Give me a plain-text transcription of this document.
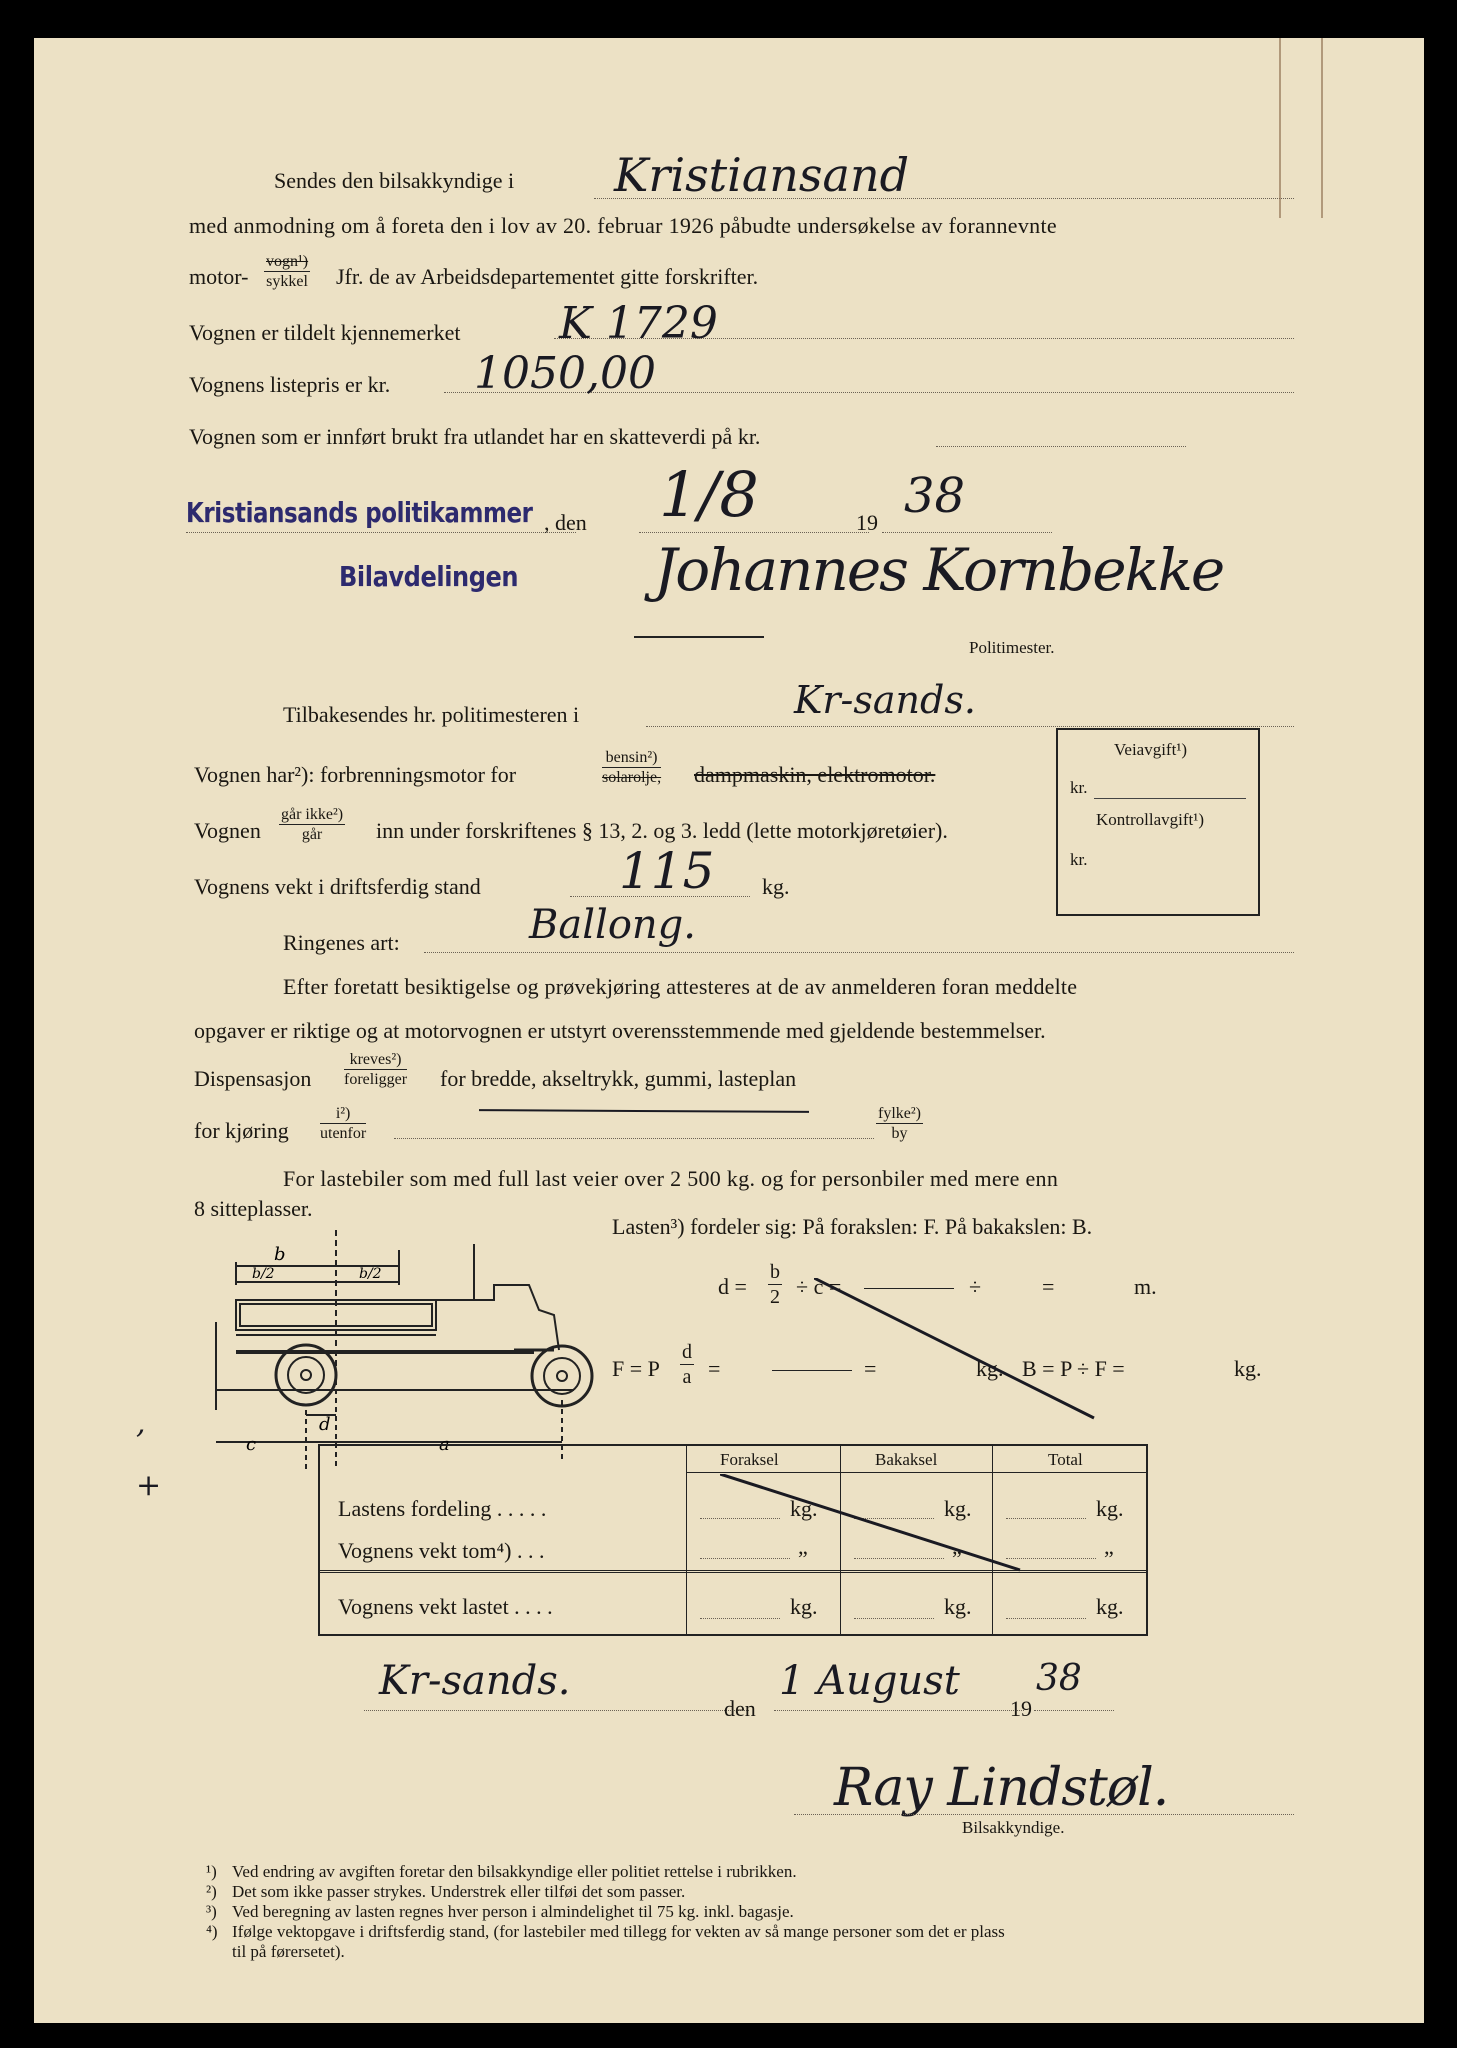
Sendes den bilsakkyndige i Kristiansand
med anmodning om å foreta den i lov av 20. februar 1926 påbudte undersøkelse av forannevnte
motor-
vogn¹)
sykkel Jfr. de av Arbeidsdepartementet gitte forskrifter.
Vognen er tildelt kjennemerket K 1729
Vognens listepris er kr. 1050,00
Vognen som er innført brukt fra utlandet har en skatteverdi på kr.
Kristiansands politikammer , den 1/8	19 38
Bilavdelingen Johannes Kornbekke
Politimester.
Tilbakesendes hr. politimesteren i	Kr-sands.
Vognen har²): forbrenningsmotor for
bensin²)
solarolje, dampmaskin, elektromotor.
Vognen
går ikke²)
går	inn under forskriftenes § 13, 2. og 3. ledd (lette motorkjøretøier).
Vognens vekt i driftsferdig stand	115 kg.
Ringenes art:	Ballong.
Veiavgift¹)
kr.
Kontrollavgift¹)
kr.
Efter foretatt besiktigelse og prøvekjøring attesteres at de av anmelderen foran meddelte
opgaver er riktige og at motorvognen er utstyrt overensstemmende med gjeldende bestemmelser.
Dispensasjon
kreves²)
foreligger for bredde, akseltrykk, gummi, lasteplan
for kjøring
i²)
utenfor
fylke²)
by
For lastebiler som med full last veier over 2 500 kg. og for personbiler med mere enn
8 sitteplasser.
b
b/2	b/2
d
c	a
Lasten³) fordeler sig: På forakslen: F. På bakakslen: B.
$d = \frac{b}{2} \div c$ =	÷	=	m.
F = P $\frac{d}{a}$ =	=	kg. B = P ÷ F =	kg.
Foraksel	Bakaksel	Total
Lastens fordeling . . . . .	kg.	kg.	kg.
Vognens vekt tom⁴) . . .	„	„	„
Vognens vekt lastet . . . .	kg.	kg.	kg.
Kr-sands.
den
1 August
19
38
Ray Lindstøl.
Bilsakkyndige.
,
+
¹) Ved endring av avgiften foretar den bilsakkyndige eller politiet rettelse i rubrikken.
²) Det som ikke passer strykes. Understrek eller tilføi det som passer.
³) Ved beregning av lasten regnes hver person i almindelighet til 75 kg. inkl. bagasje.
⁴) Ifølge vektopgave i driftsferdig stand, (for lastebiler med tillegg for vekten av så mange personer som det er plass
til på førersetet).
